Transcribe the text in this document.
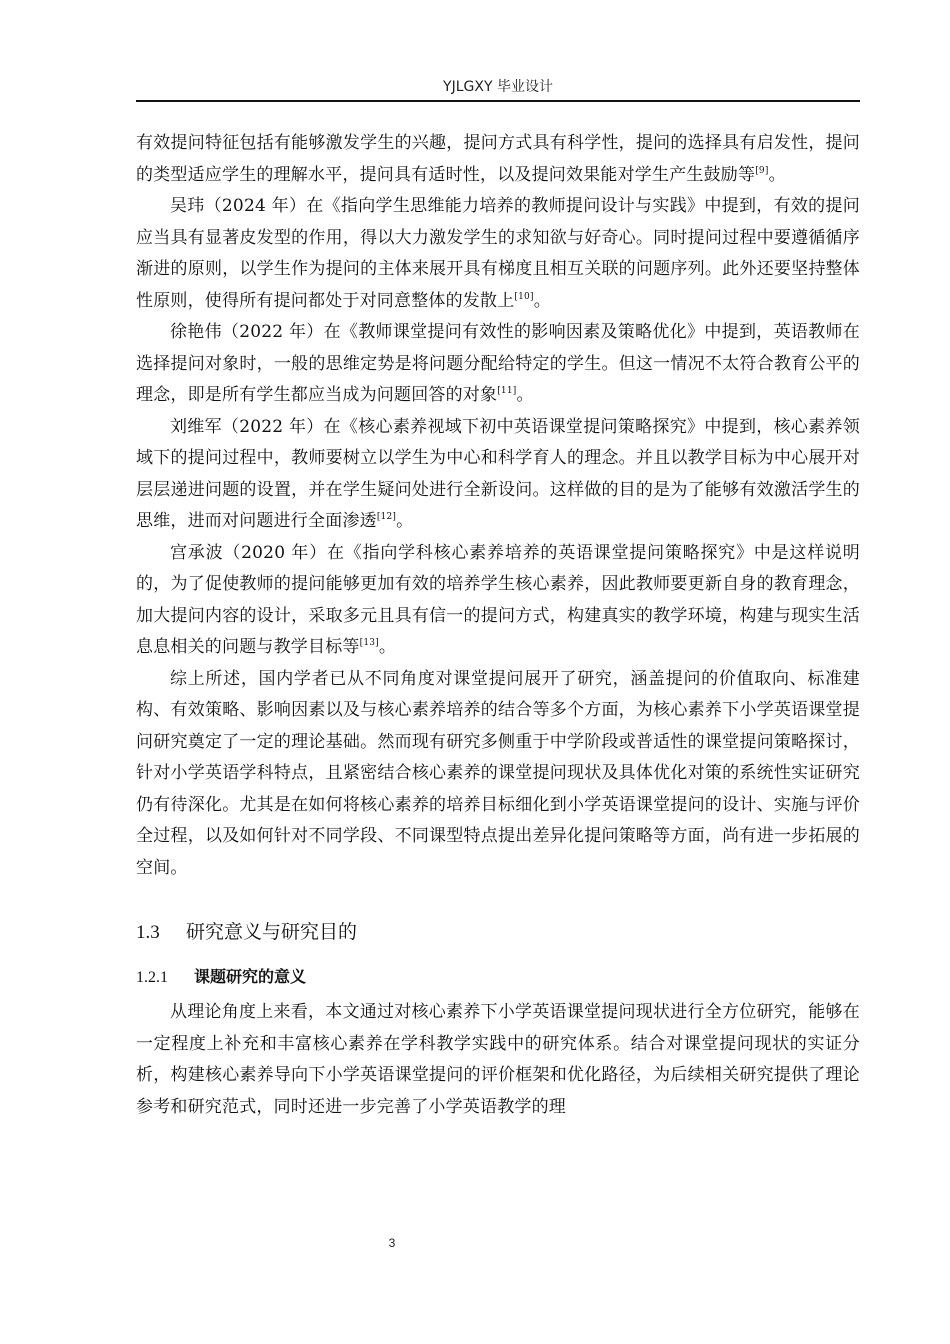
YJLGXY 毕业设计

有效提问特征包括有能够激发学生的兴趣，提问方式具有科学性，提问的选择具有启发性，提问的类型适应学生的理解水平，提问具有适时性，以及提问效果能对学生产生鼓励等[9]。

吴玮（2024 年）在《指向学生思维能力培养的教师提问设计与实践》中提到，有效的提问应当具有显著皮发型的作用，得以大力激发学生的求知欲与好奇心。同时提问过程中要遵循循序渐进的原则，以学生作为提问的主体来展开具有梯度且相互关联的问题序列。此外还要坚持整体性原则，使得所有提问都处于对同意整体的发散上[10]。

徐艳伟（2022 年）在《教师课堂提问有效性的影响因素及策略优化》中提到，英语教师在选择提问对象时，一般的思维定势是将问题分配给特定的学生。但这一情况不太符合教育公平的理念，即是所有学生都应当成为问题回答的对象[11]。

刘维军（2022 年）在《核心素养视域下初中英语课堂提问策略探究》中提到，核心素养领域下的提问过程中，教师要树立以学生为中心和科学育人的理念。并且以教学目标为中心展开对层层递进问题的设置，并在学生疑问处进行全新设问。这样做的目的是为了能够有效激活学生的思维，进而对问题进行全面渗透[12]。

宫承波（2020 年）在《指向学科核心素养培养的英语课堂提问策略探究》中是这样说明的，为了促使教师的提问能够更加有效的培养学生核心素养，因此教师要更新自身的教育理念，加大提问内容的设计，采取多元且具有信一的提问方式，构建真实的教学环境，构建与现实生活息息相关的问题与教学目标等[13]。

综上所述，国内学者已从不同角度对课堂提问展开了研究，涵盖提问的价值取向、标准建构、有效策略、影响因素以及与核心素养培养的结合等多个方面，为核心素养下小学英语课堂提问研究奠定了一定的理论基础。然而现有研究多侧重于中学阶段或普适性的课堂提问策略探讨，针对小学英语学科特点，且紧密结合核心素养的课堂提问现状及具体优化对策的系统性实证研究仍有待深化。尤其是在如何将核心素养的培养目标细化到小学英语课堂提问的设计、实施与评价全过程，以及如何针对不同学段、不同课型特点提出差异化提问策略等方面，尚有进一步拓展的空间。

1.3 研究意义与研究目的
1.2.1 课题研究的意义

从理论角度上来看，本文通过对核心素养下小学英语课堂提问现状进行全方位研究，能够在一定程度上补充和丰富核心素养在学科教学实践中的研究体系。结合对课堂提问现状的实证分析，构建核心素养导向下小学英语课堂提问的评价框架和优化路径，为后续相关研究提供了理论参考和研究范式，同时还进一步完善了小学英语教学的理

3
